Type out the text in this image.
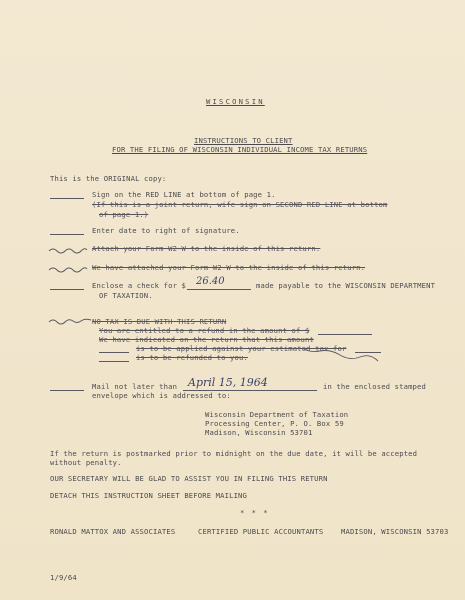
WISCONSIN
INSTRUCTIONS TO CLIENT
FOR THE FILING OF WISCONSIN INDIVIDUAL INCOME TAX RETURNS
This is the ORIGINAL copy:
Sign on the RED LINE at bottom of page 1.
(If this is a joint return, wife sign on SECOND RED LINE at bottom
of page 1.)
Enter date to right of signature.
Attach your Form W2-W to the inside of this return.
We have attached your Form W2-W to the inside of this return.
Enclose a check for $ 26.40	made payable to the WISCONSIN DEPARTMENT
OF TAXATION.
NO TAX IS DUE WITH THIS RETURN
You are entitled to a refund in the amount of $
We have indicated on the return that this amount
is to be applied against your estimated tax for
is to be refunded to you.
Mail not later than April 15, 1964	in the enclosed stamped
envelope which is addressed to:
Wisconsin Department of Taxation
Processing Center, P. O. Box 59
Madison, Wisconsin 53701
If the return is postmarked prior to midnight on the due date, it will be accepted
without penalty.
OUR SECRETARY WILL BE GLAD TO ASSIST YOU IN FILING THIS RETURN
DETACH THIS INSTRUCTION SHEET BEFORE MAILING
* * *
RONALD MATTOX AND ASSOCIATES	CERTIFIED PUBLIC ACCOUNTANTS MADISON, WISCONSIN 53703
1/9/64
